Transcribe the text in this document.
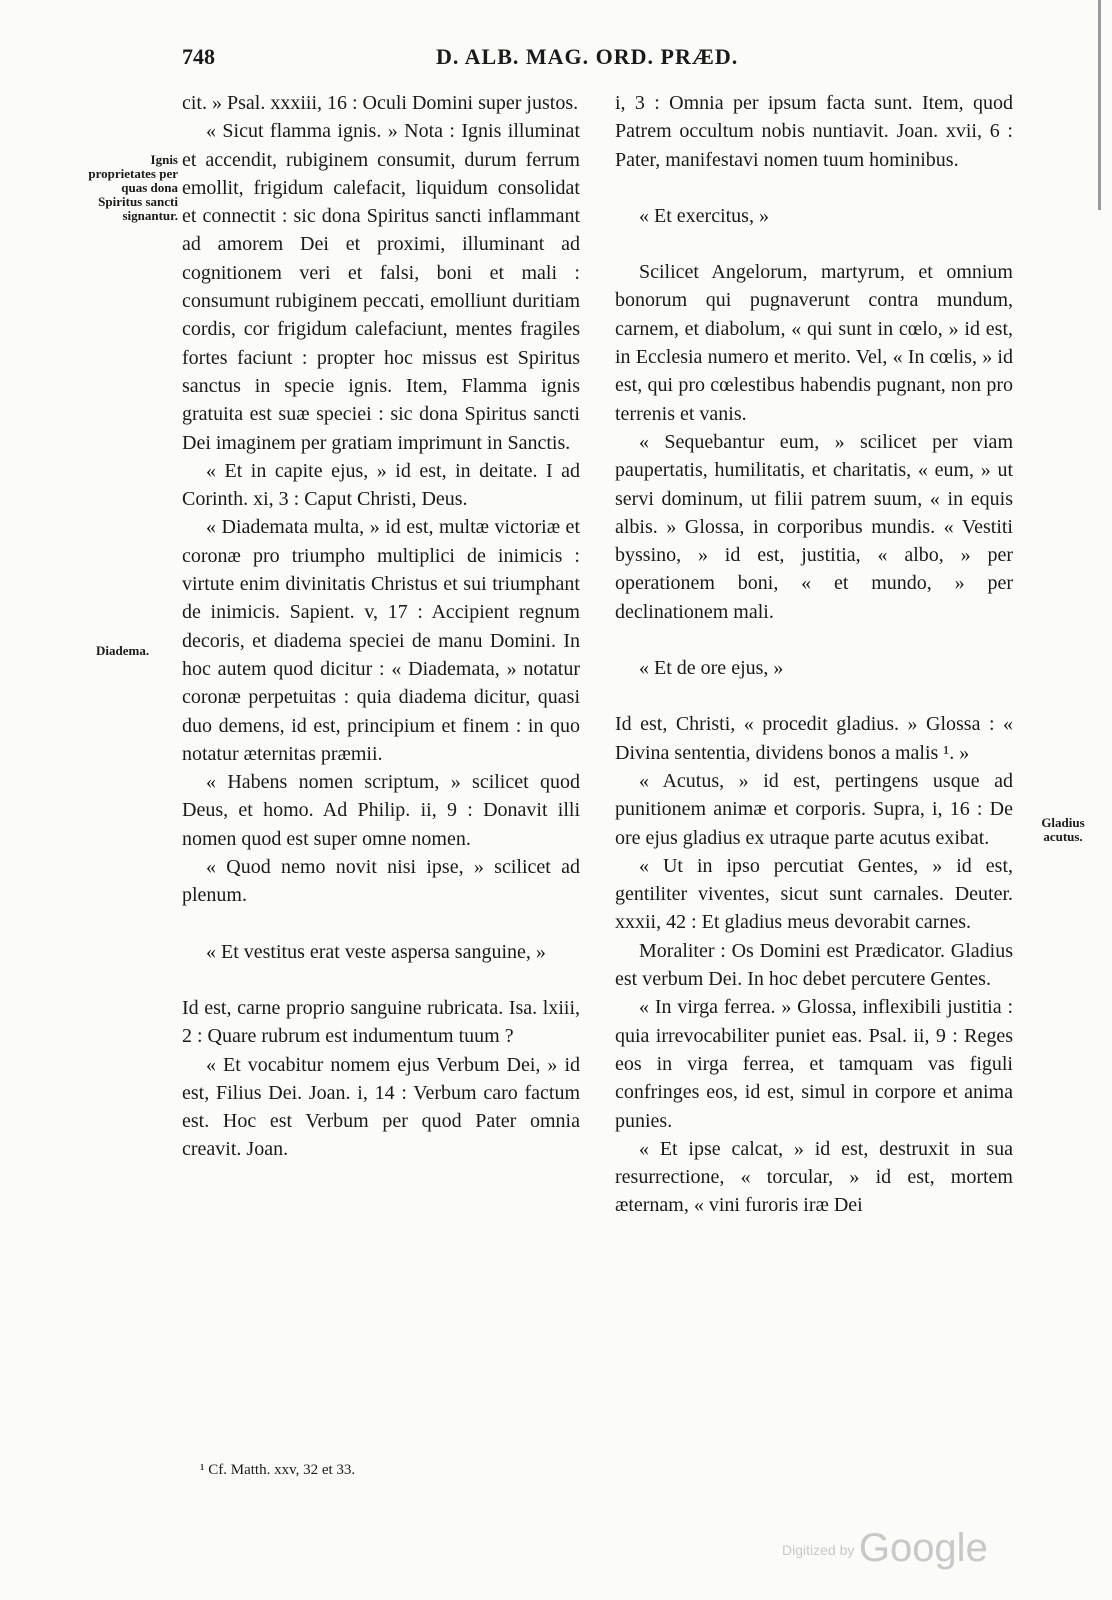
748	D. ALB. MAG. ORD. PRÆD.
Ignis proprietates per quas dona Spiritus sancti signantur.
Diadema.
Gladius acutus.

cit. » Psal. xxxiii, 16 : Oculi Domini super justos.

« Sicut flamma ignis. » Nota : Ignis illuminat et accendit, rubiginem consumit, durum ferrum emollit, frigidum calefacit, liquidum consolidat et connectit : sic dona Spiritus sancti inflammant ad amorem Dei et proximi, illuminant ad cognitionem veri et falsi, boni et mali : consumunt rubiginem peccati, emolliunt duritiam cordis, cor frigidum calefaciunt, mentes fragiles fortes faciunt : propter hoc missus est Spiritus sanctus in specie ignis. Item, Flamma ignis gratuita est suæ speciei : sic dona Spiritus sancti Dei imaginem per gratiam imprimunt in Sanctis.

« Et in capite ejus, » id est, in deitate. I ad Corinth. xi, 3 : Caput Christi, Deus.

« Diademata multa, » id est, multæ victoriæ et coronæ pro triumpho multiplici de inimicis : virtute enim divinitatis Christus et sui triumphant de inimicis. Sapient. v, 17 : Accipient regnum decoris, et diadema speciei de manu Domini. In hoc autem quod dicitur : « Diademata, » notatur coronæ perpetuitas : quia diadema dicitur, quasi duo demens, id est, principium et finem : in quo notatur æternitas præmii.

« Habens nomen scriptum, » scilicet quod Deus, et homo. Ad Philip. ii, 9 : Donavit illi nomen quod est super omne nomen.

« Quod nemo novit nisi ipse, » scilicet ad plenum.

« Et vestitus erat veste aspersa sanguine, »

Id est, carne proprio sanguine rubricata. Isa. lxiii, 2 : Quare rubrum est indumentum tuum ?

« Et vocabitur nomem ejus Verbum Dei, » id est, Filius Dei. Joan. i, 14 : Verbum caro factum est. Hoc est Verbum per quod Pater omnia creavit. Joan.

i, 3 : Omnia per ipsum facta sunt. Item, quod Patrem occultum nobis nuntiavit. Joan. xvii, 6 : Pater, manifestavi nomen tuum hominibus.

« Et exercitus, »

Scilicet Angelorum, martyrum, et omnium bonorum qui pugnaverunt contra mundum, carnem, et diabolum, « qui sunt in cœlo, » id est, in Ecclesia numero et merito. Vel, « In cœlis, » id est, qui pro cœlestibus habendis pugnant, non pro terrenis et vanis.

« Sequebantur eum, » scilicet per viam paupertatis, humilitatis, et charitatis, « eum, » ut servi dominum, ut filii patrem suum, « in equis albis. » Glossa, in corporibus mundis. « Vestiti byssino, » id est, justitia, « albo, » per operationem boni, « et mundo, » per declinationem mali.

« Et de ore ejus, »

Id est, Christi, « procedit gladius. » Glossa : « Divina sententia, dividens bonos a malis ¹. »

« Acutus, » id est, pertingens usque ad punitionem animæ et corporis. Supra, i, 16 : De ore ejus gladius ex utraque parte acutus exibat.

« Ut in ipso percutiat Gentes, » id est, gentiliter viventes, sicut sunt carnales. Deuter. xxxii, 42 : Et gladius meus devorabit carnes.

Moraliter : Os Domini est Prædicator. Gladius est verbum Dei. In hoc debet percutere Gentes.

« In virga ferrea. » Glossa, inflexibili justitia : quia irrevocabiliter puniet eas. Psal. ii, 9 : Reges eos in virga ferrea, et tamquam vas figuli confringes eos, id est, simul in corpore et anima punies.

« Et ipse calcat, » id est, destruxit in sua resurrectione, « torcular, » id est, mortem æternam, « vini furoris iræ Dei

¹ Cf. Matth. xxv, 32 et 33.
Digitized by Google
